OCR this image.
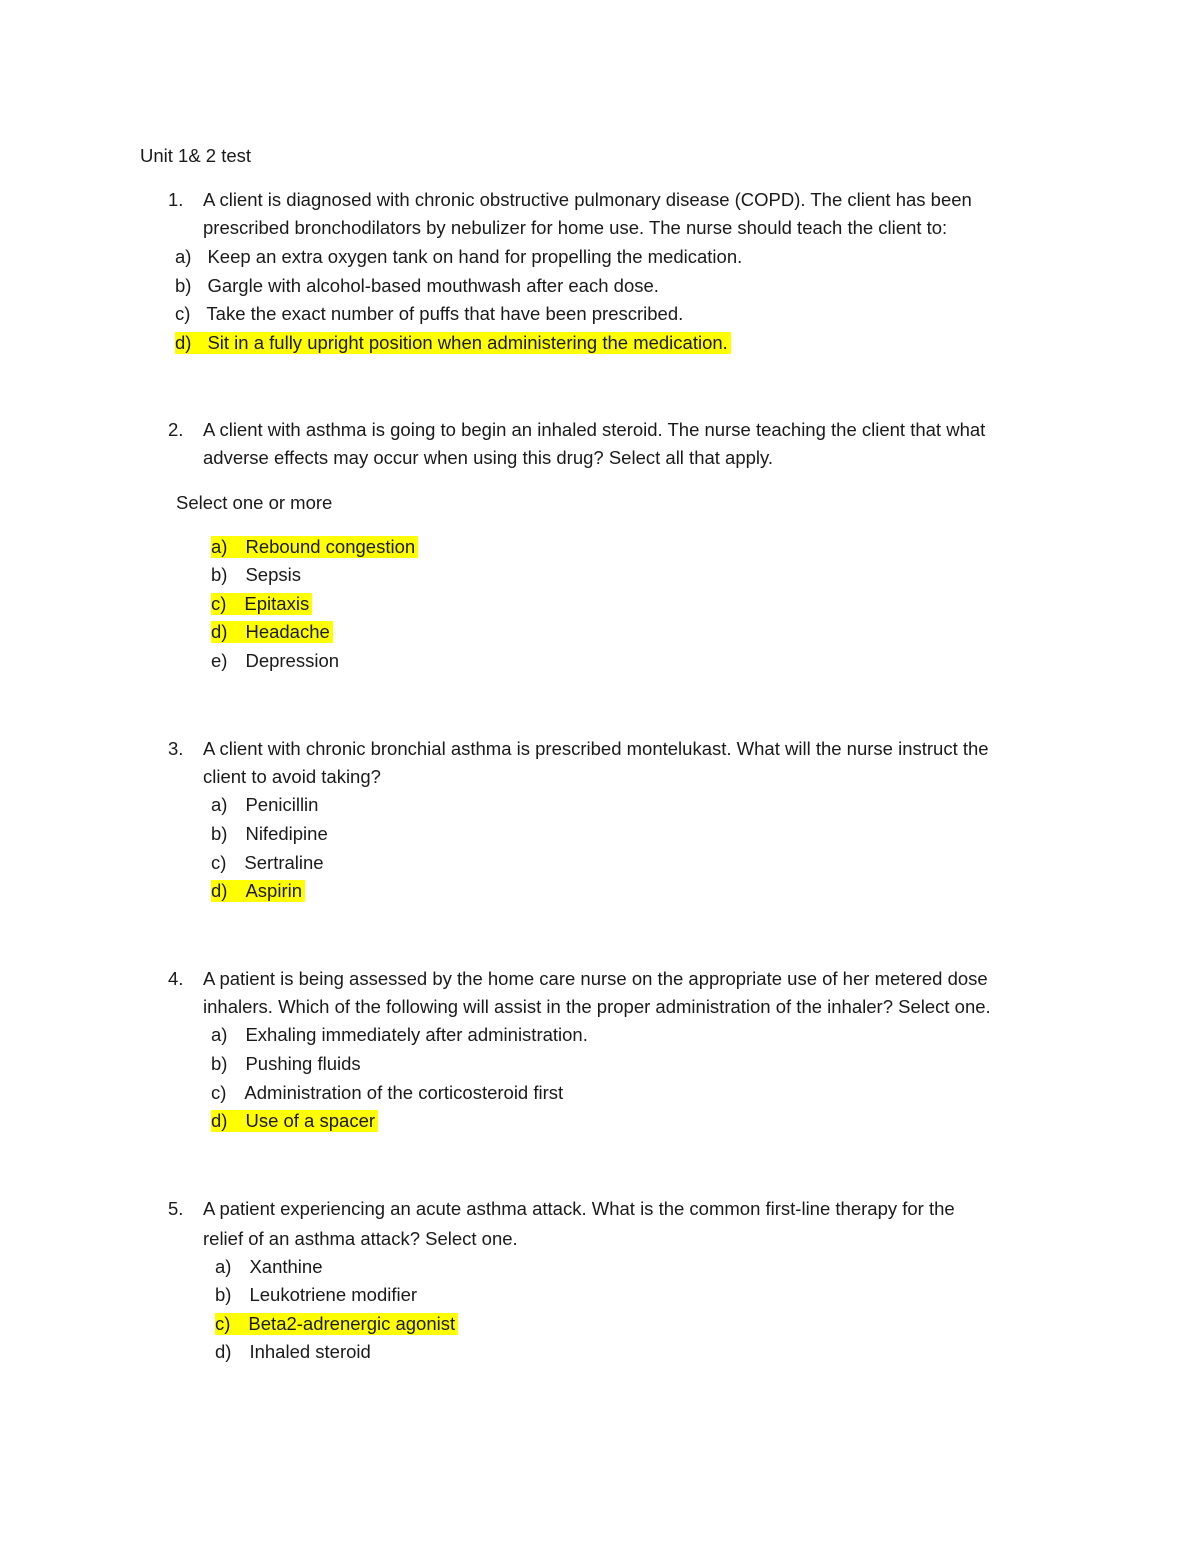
Unit 1& 2 test
1. A client is diagnosed with chronic obstructive pulmonary disease (COPD). The client has been
prescribed bronchodilators by nebulizer for home use. The nurse should teach the client to:
a) Keep an extra oxygen tank on hand for propelling the medication.
b) Gargle with alcohol-based mouthwash after each dose.
c) Take the exact number of puffs that have been prescribed.
d) Sit in a fully upright position when administering the medication.
2. A client with asthma is going to begin an inhaled steroid. The nurse teaching the client that what
adverse effects may occur when using this drug? Select all that apply.
Select one or more
a) Rebound congestion
b) Sepsis
c) Epitaxis
d) Headache
e) Depression
3. A client with chronic bronchial asthma is prescribed montelukast. What will the nurse instruct the
client to avoid taking?
a) Penicillin
b) Nifedipine
c) Sertraline
d) Aspirin
4. A patient is being assessed by the home care nurse on the appropriate use of her metered dose
inhalers. Which of the following will assist in the proper administration of the inhaler? Select one.
a) Exhaling immediately after administration.
b) Pushing fluids
c) Administration of the corticosteroid first
d) Use of a spacer
5. A patient experiencing an acute asthma attack. What is the common first-line therapy for the
relief of an asthma attack? Select one.
a) Xanthine
b) Leukotriene modifier
c) Beta2-adrenergic agonist
d) Inhaled steroid
